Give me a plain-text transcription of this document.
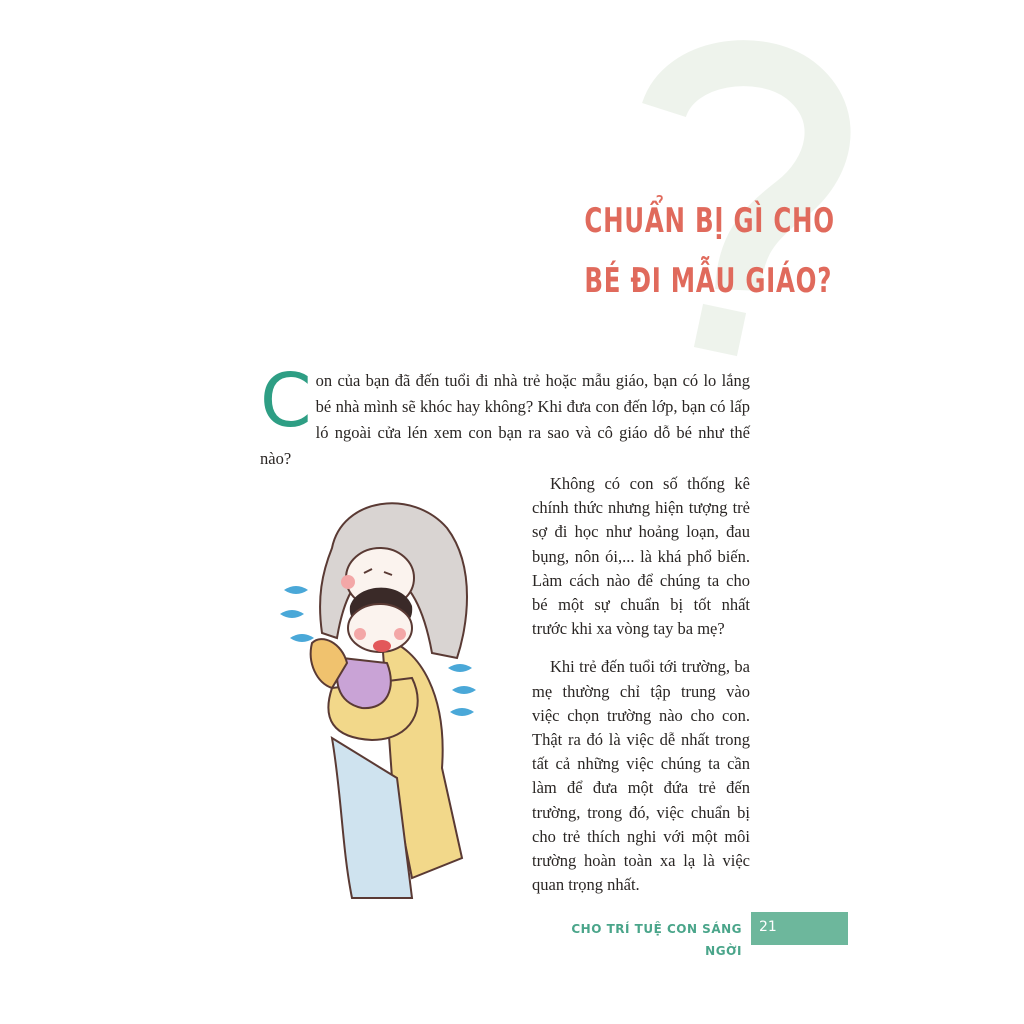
CHUẨN BỊ GÌ CHO
BÉ ĐI MẪU GIÁO?

Con của bạn đã đến tuổi đi nhà trẻ hoặc mẫu giáo, bạn có lo lắng bé nhà mình sẽ khóc hay không? Khi đưa con đến lớp, bạn có lấp ló ngoài cửa lén xem con bạn ra sao và cô giáo dỗ bé như thế nào?

Không có con số thống kê chính thức nhưng hiện tượng trẻ sợ đi học như hoảng loạn, đau bụng, nôn ói,... là khá phổ biến. Làm cách nào để chúng ta cho bé một sự chuẩn bị tốt nhất trước khi xa vòng tay ba mẹ?

Khi trẻ đến tuổi tới trường, ba mẹ thường chỉ tập trung vào việc chọn trường nào cho con. Thật ra đó là việc dễ nhất trong tất cả những việc chúng ta cần làm để đưa một đứa trẻ đến trường, trong đó, việc chuẩn bị cho trẻ thích nghi với một môi trường hoàn toàn xa lạ là việc quan trọng nhất.

CHO TRÍ TUỆ CON SÁNG NGỜI
21
